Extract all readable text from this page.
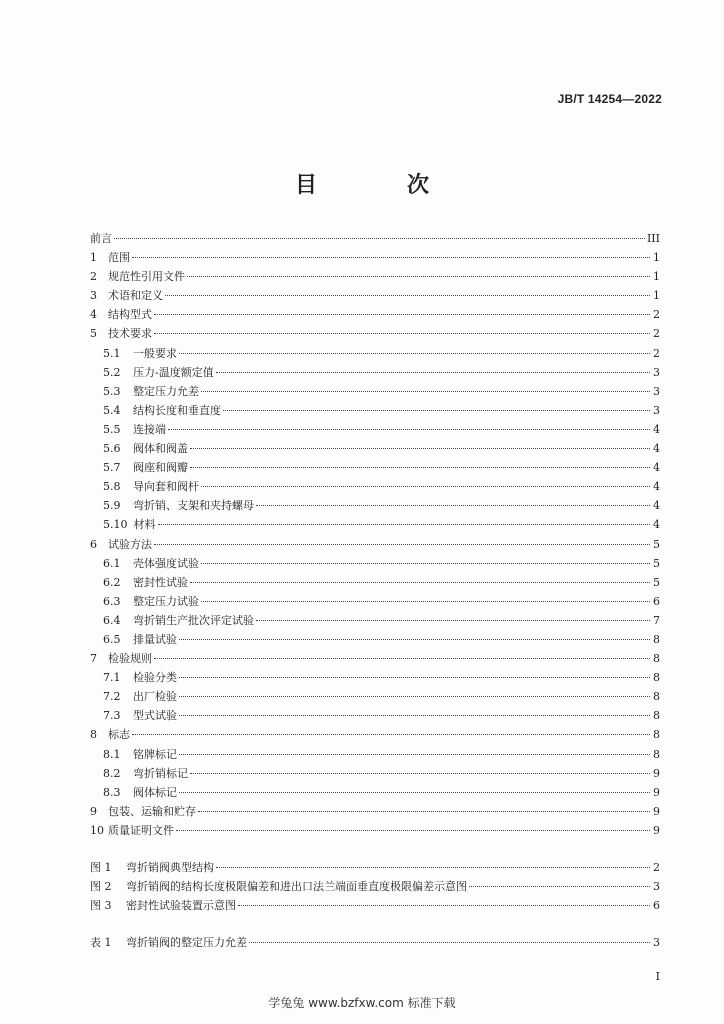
JB/T 14254—2022
目　次
前言	III
1	范围	1
2	规范性引用文件	1
3	术语和定义	1
4	结构型式	2
5	技术要求	2
5.1	一般要求	2
5.2	压力-温度额定值	3
5.3	整定压力允差	3
5.4	结构长度和垂直度	3
5.5	连接端	4
5.6	阀体和阀盖	4
5.7	阀座和阀瓣	4
5.8	导向套和阀杆	4
5.9	弯折销、支架和夹持螺母	4
5.10 材料	4
6	试验方法	5
6.1	壳体强度试验	5
6.2	密封性试验	5
6.3	整定压力试验	6
6.4	弯折销生产批次评定试验	7
6.5	排量试验	8
7	检验规则	8
7.1	检验分类	8
7.2	出厂检验	8
7.3	型式试验	8
8	标志	8
8.1	铭牌标记	8
8.2	弯折销标记	9
8.3	阀体标记	9
9	包装、运输和贮存	9
10 质量证明文件	9
图 1	弯折销阀典型结构	2
图 2	弯折销阀的结构长度极限偏差和进出口法兰端面垂直度极限偏差示意图	3
图 3	密封性试验装置示意图	6
表 1	弯折销阀的整定压力允差	3
I
学兔兔 www.bzfxw.com 标准下载
